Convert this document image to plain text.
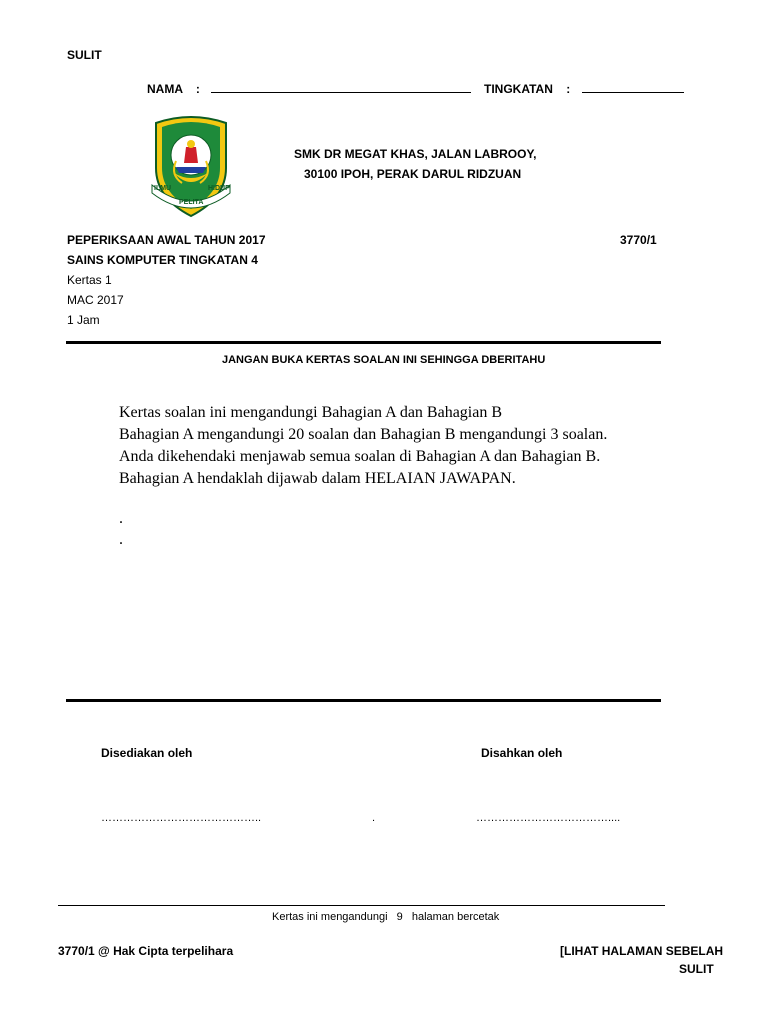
SULIT
NAMA :	TINGKATAN :
ILMU
PELITA
HIDUP
SMK DR MEGAT KHAS, JALAN LABROOY,
30100 IPOH, PERAK DARUL RIDZUAN
PEPERIKSAAN AWAL TAHUN 2017	3770/1
SAINS KOMPUTER TINGKATAN 4
Kertas 1
MAC 2017
1 Jam
JANGAN BUKA KERTAS SOALAN INI SEHINGGA DBERITAHU
Kertas soalan ini mengandungi Bahagian A dan Bahagian B
Bahagian A mengandungi 20 soalan dan Bahagian B mengandungi 3 soalan.
Anda dikehendaki menjawab semua soalan di Bahagian A dan Bahagian B.
Bahagian A hendaklah dijawab dalam HELAIAN JAWAPAN.
.
.
Disediakan oleh	Disahkan oleh
……………………………………..	.	………………………………....
Kertas ini mengandungi 9 halaman bercetak
3770/1 @ Hak Cipta terpelihara	[LIHAT HALAMAN SEBELAH
SULIT
